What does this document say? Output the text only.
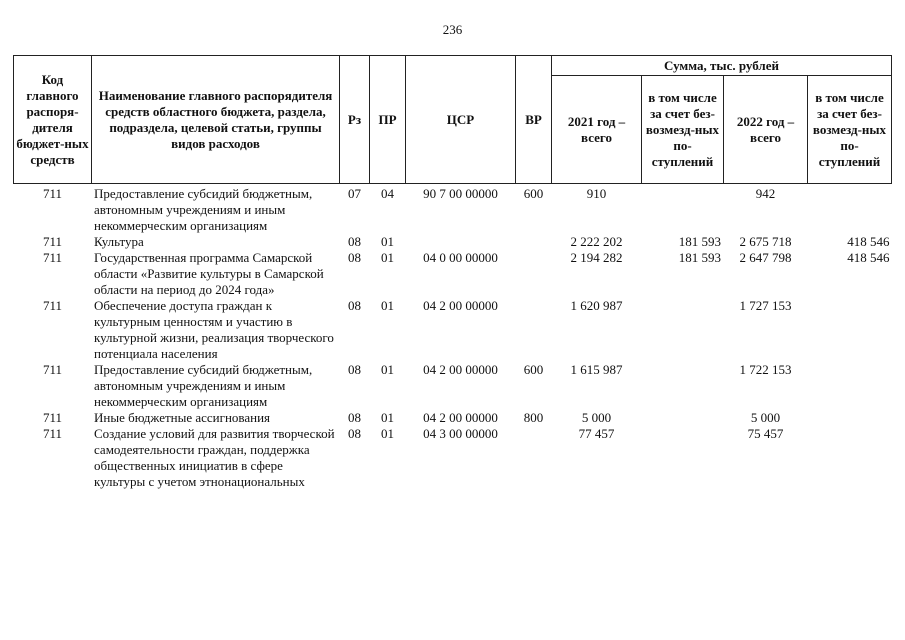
236
Код главного распоря-дителя бюджет-ных средств	Наименование главного распорядителя средств областного бюджета, раздела, подраздела, целевой статьи, группы видов расходов	Рз	ПР	ЦСР	ВР	Сумма, тыс. рублей			
						2021 год – всего	в том числе за счет без-возмезд-ных по-ступлений	2022 год – всего	в том числе за счет без-возмезд-ных по-ступлений
711	Предоставление субсидий бюджетным, автономным учреждениям и иным некоммерческим организациям	07	04	90 7 00 00000	600	910		942	
711	Культура	08	01			2 222 202	181 593	2 675 718	418 546
711	Государственная программа Самарской области «Развитие культуры в Самарской области на период до 2024 года»	08	01	04 0 00 00000		2 194 282	181 593	2 647 798	418 546
711	Обеспечение доступа граждан к культурным ценностям и участию в культурной жизни, реализация творческого потенциала населения	08	01	04 2 00 00000		1 620 987		1 727 153	
711	Предоставление субсидий бюджетным, автономным учреждениям и иным некоммерческим организациям	08	01	04 2 00 00000	600	1 615 987		1 722 153	
711	Иные бюджетные ассигнования	08	01	04 2 00 00000	800	5 000		5 000	
711	Создание условий для развития творческой самодеятельности граждан, поддержка общественных инициатив в сфере культуры с учетом этнонациональных	08	01	04 3 00 00000		77 457		75 457	
